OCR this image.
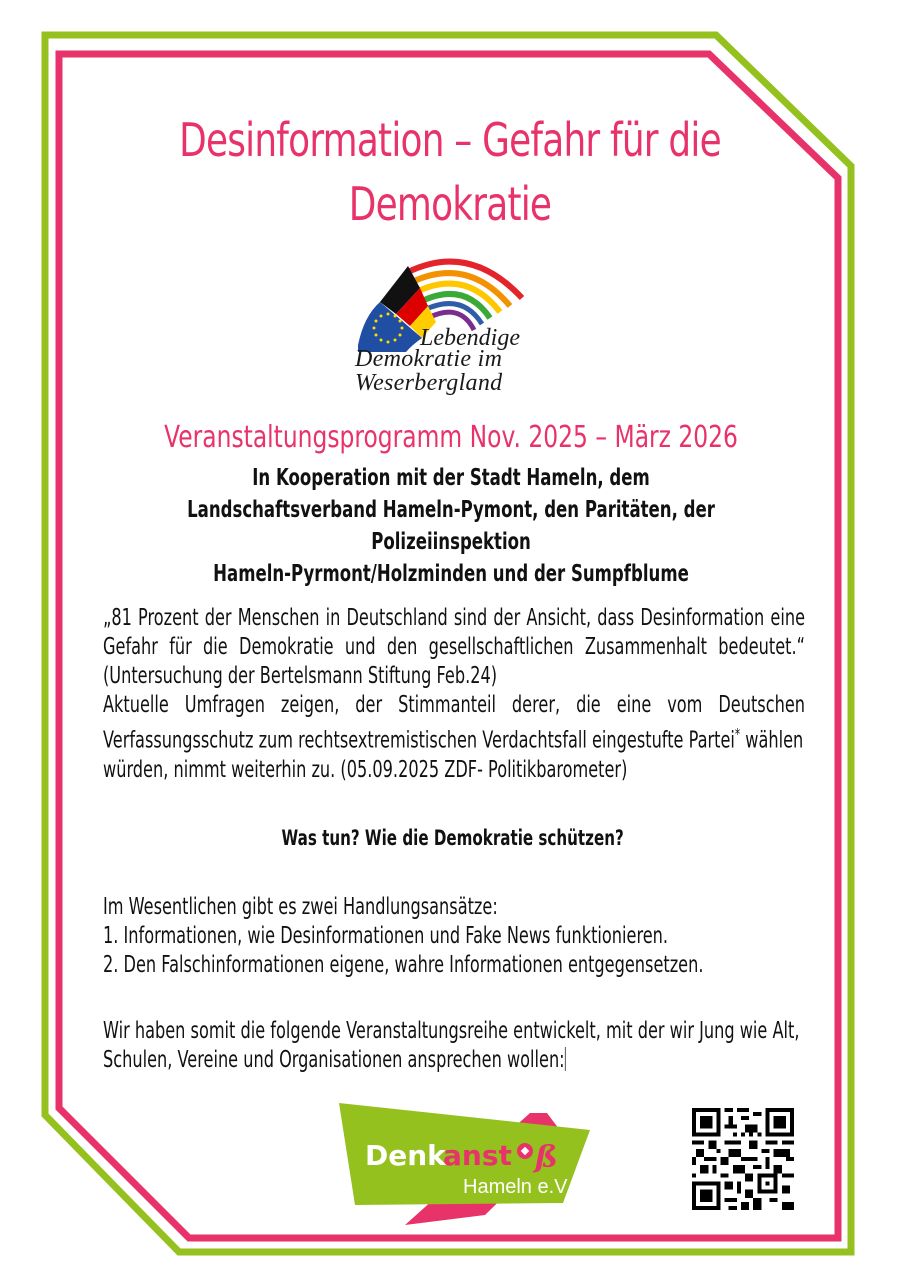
Desinformation – Gefahr für die
Demokratie
Lebendige
Demokratie im
Weserbergland
Veranstaltungsprogramm Nov. 2025 – März 2026
In Kooperation mit der Stadt Hameln, dem
Landschaftsverband Hameln-Pymont, den Paritäten, der Polizeiinspektion
Hameln-Pyrmont/Holzminden und der Sumpfblume

„81 Prozent der Menschen in Deutschland sind der Ansicht, dass Desinformation eine

Gefahr für die Demokratie und den gesellschaftlichen Zusammenhalt bedeutet.“

(Untersuchung der Bertelsmann Stiftung Feb.24)

Aktuelle Umfragen zeigen, der Stimmanteil derer, die eine vom Deutschen

Verfassungsschutz zum rechtsextremistischen Verdachtsfall eingestufte Partei* wählen

würden, nimmt weiterhin zu. (05.09.2025 ZDF- Politikbarometer)

Was tun? Wie die Demokratie schützen?

Im Wesentlichen gibt es zwei Handlungsansätze:

1. Informationen, wie Desinformationen und Fake News funktionieren.

2. Den Falschinformationen eigene, wahre Informationen entgegensetzen.

Wir haben somit die folgende Veranstaltungsreihe entwickelt, mit der wir Jung wie Alt,

Schulen, Vereine und Organisationen ansprechen wollen:

Denk
anst ß
Hameln e.V.
